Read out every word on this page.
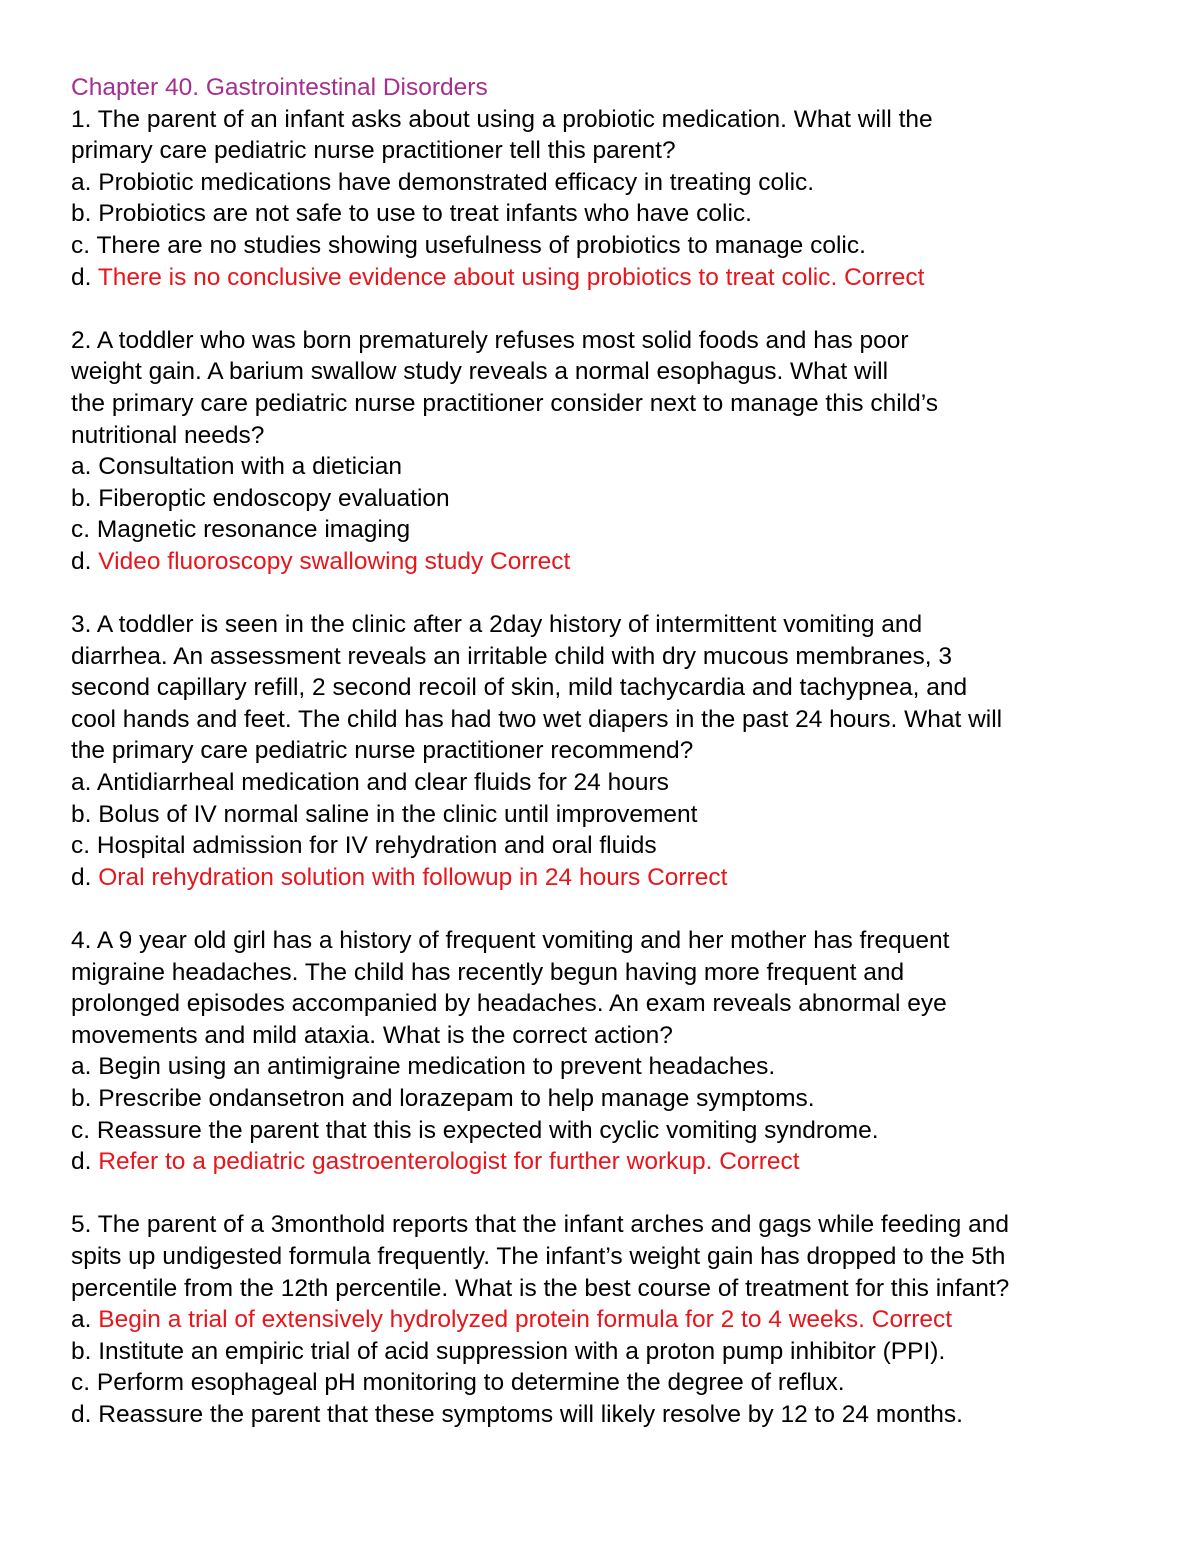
Chapter 40. Gastrointestinal Disorders
1. The parent of an infant asks about using a probiotic medication. What will the
primary care pediatric nurse practitioner tell this parent?
a. Probiotic medications have demonstrated efficacy in treating colic.
b. Probiotics are not safe to use to treat infants who have colic.
c. There are no studies showing usefulness of probiotics to manage colic.
d. There is no conclusive evidence about using probiotics to treat colic. Correct
2. A toddler who was born prematurely refuses most solid foods and has poor
weight gain. A barium swallow study reveals a normal esophagus. What will
the primary care pediatric nurse practitioner consider next to manage this child’s
nutritional needs?
a. Consultation with a dietician
b. Fiberoptic endoscopy evaluation
c. Magnetic resonance imaging
d. Video fluoroscopy swallowing study Correct
3. A toddler is seen in the clinic after a 2day history of intermittent vomiting and
diarrhea. An assessment reveals an irritable child with dry mucous membranes, 3
second capillary refill, 2 second recoil of skin, mild tachycardia and tachypnea, and
cool hands and feet. The child has had two wet diapers in the past 24 hours. What will
the primary care pediatric nurse practitioner recommend?
a. Antidiarrheal medication and clear fluids for 24 hours
b. Bolus of IV normal saline in the clinic until improvement
c. Hospital admission for IV rehydration and oral fluids
d. Oral rehydration solution with followup in 24 hours Correct
4. A 9 year old girl has a history of frequent vomiting and her mother has frequent
migraine headaches. The child has recently begun having more frequent and
prolonged episodes accompanied by headaches. An exam reveals abnormal eye
movements and mild ataxia. What is the correct action?
a. Begin using an antimigraine medication to prevent headaches.
b. Prescribe ondansetron and lorazepam to help manage symptoms.
c. Reassure the parent that this is expected with cyclic vomiting syndrome.
d. Refer to a pediatric gastroenterologist for further workup. Correct
5. The parent of a 3monthold reports that the infant arches and gags while feeding and
spits up undigested formula frequently. The infant’s weight gain has dropped to the 5th
percentile from the 12th percentile. What is the best course of treatment for this infant?
a. Begin a trial of extensively hydrolyzed protein formula for 2 to 4 weeks. Correct
b. Institute an empiric trial of acid suppression with a proton pump inhibitor (PPI).
c. Perform esophageal pH monitoring to determine the degree of reflux.
d. Reassure the parent that these symptoms will likely resolve by 12 to 24 months.
